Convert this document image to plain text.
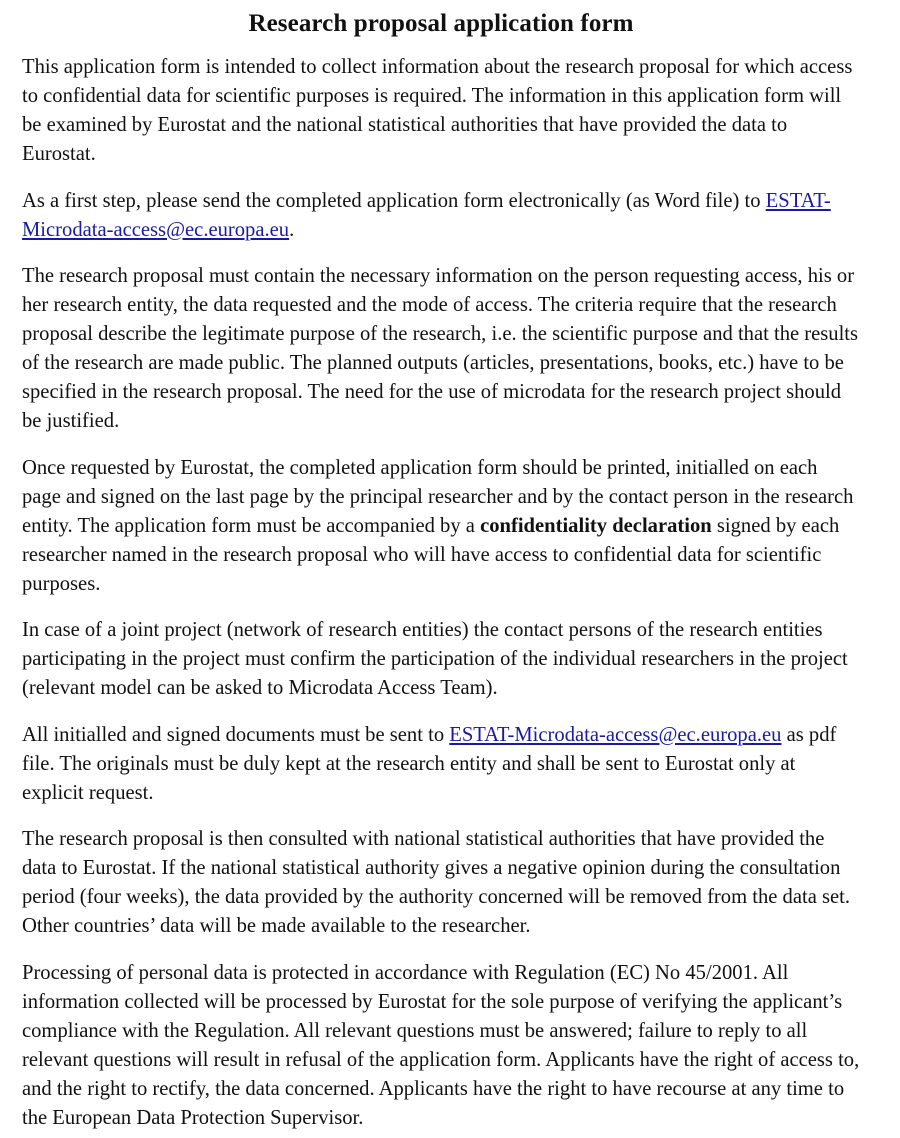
Research proposal application form

This application form is intended to collect information about the research proposal for which access to confidential data for scientific purposes is required. The information in this application form will be examined by Eurostat and the national statistical authorities that have provided the data to Eurostat.

As a first step, please send the completed application form electronically (as Word file) to ESTAT-Microdata-access@ec.europa.eu.

The research proposal must contain the necessary information on the person requesting access, his or her research entity, the data requested and the mode of access. The criteria require that the research proposal describe the legitimate purpose of the research, i.e. the scientific purpose and that the results of the research are made public. The planned outputs (articles, presentations, books, etc.) have to be specified in the research proposal. The need for the use of microdata for the research project should be justified.

Once requested by Eurostat, the completed application form should be printed, initialled on each page and signed on the last page by the principal researcher and by the contact person in the research entity. The application form must be accompanied by a confidentiality declaration signed by each researcher named in the research proposal who will have access to confidential data for scientific purposes.

In case of a joint project (network of research entities) the contact persons of the research entities participating in the project must confirm the participation of the individual researchers in the project (relevant model can be asked to Microdata Access Team).

All initialled and signed documents must be sent to ESTAT-Microdata-access@ec.europa.eu as pdf file. The originals must be duly kept at the research entity and shall be sent to Eurostat only at explicit request.

The research proposal is then consulted with national statistical authorities that have provided the data to Eurostat. If the national statistical authority gives a negative opinion during the consultation period (four weeks), the data provided by the authority concerned will be removed from the data set. Other countries’ data will be made available to the researcher.

Processing of personal data is protected in accordance with Regulation (EC) No 45/2001. All information collected will be processed by Eurostat for the sole purpose of verifying the applicant’s compliance with the Regulation. All relevant questions must be answered; failure to reply to all relevant questions will result in refusal of the application form. Applicants have the right of access to, and the right to rectify, the data concerned. Applicants have the right to have recourse at any time to the European Data Protection Supervisor.
